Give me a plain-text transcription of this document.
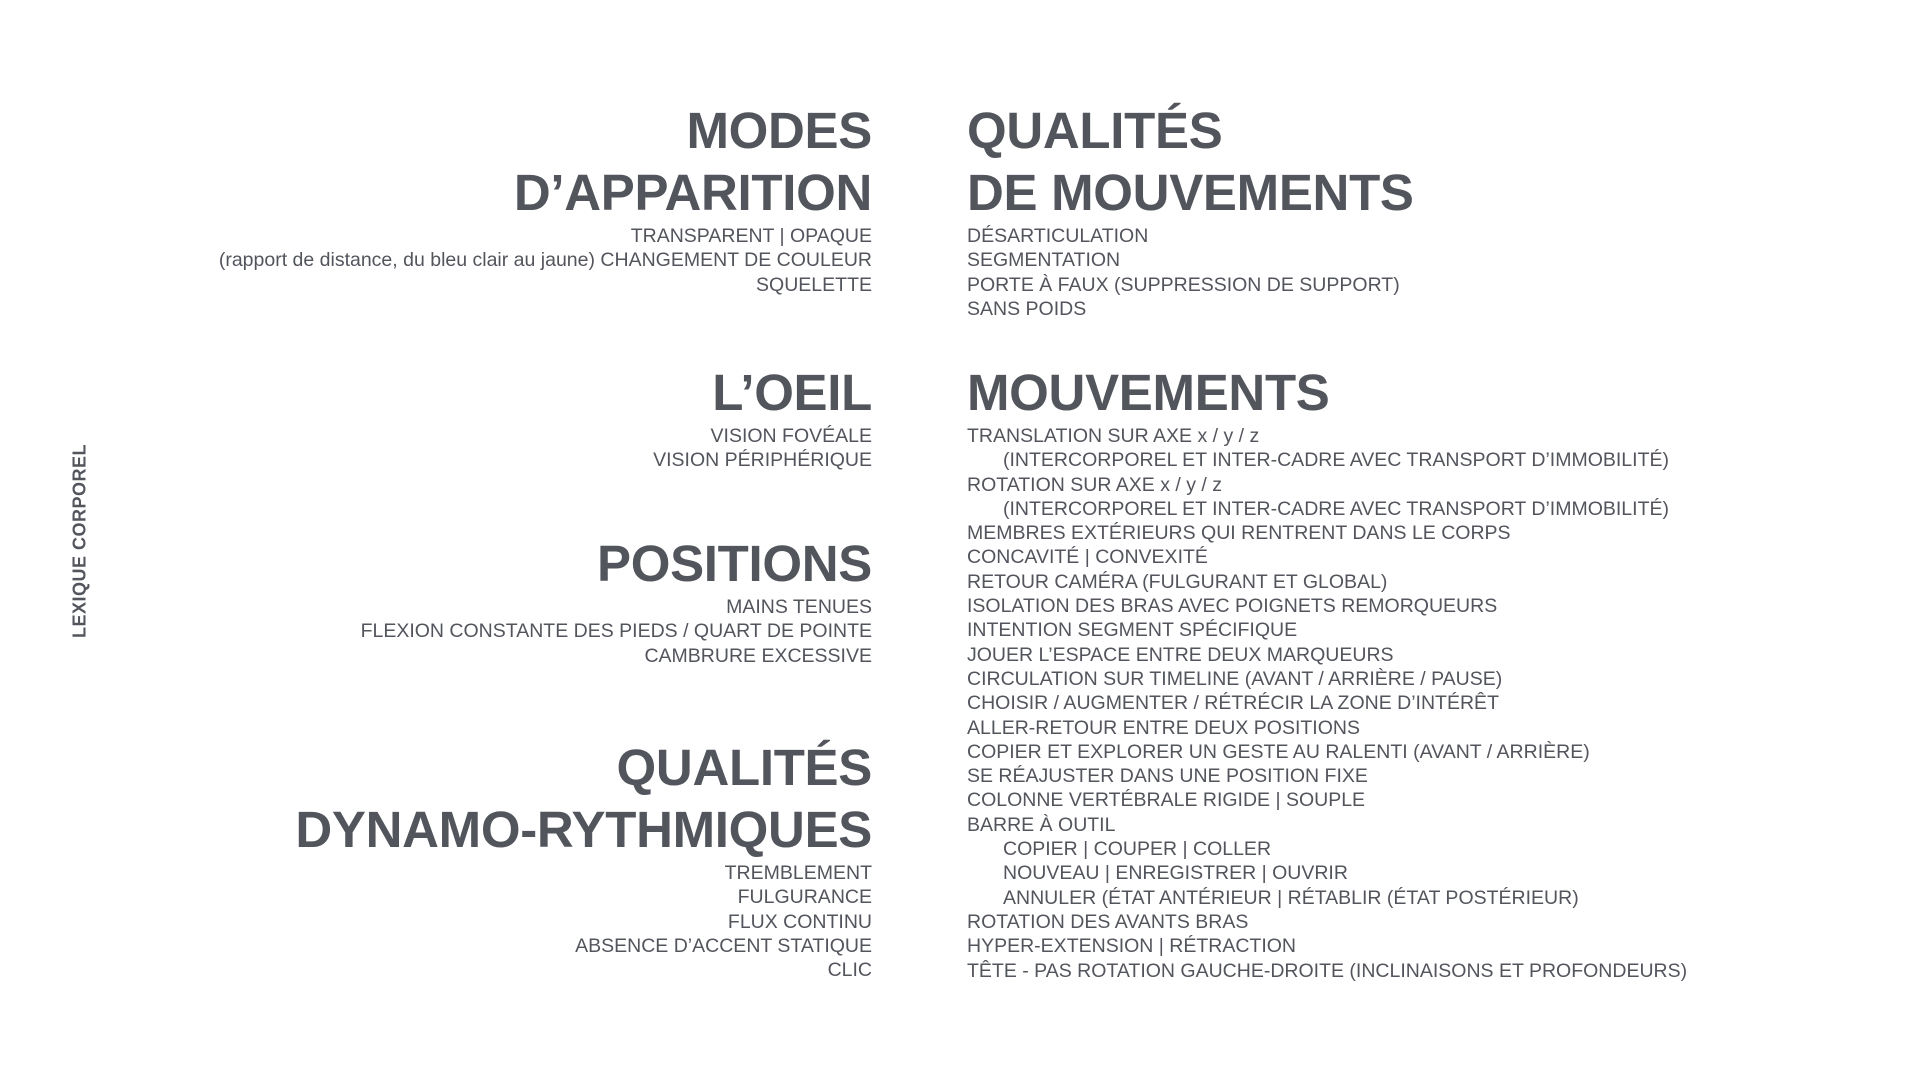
LEXIQUE CORPOREL
MODES
D’APPARITION
TRANSPARENT | OPAQUE
(rapport de distance, du bleu clair au jaune) CHANGEMENT DE COULEUR
SQUELETTE
L’OEIL
VISION FOVÉALE
VISION PÉRIPHÉRIQUE
POSITIONS
MAINS TENUES
FLEXION CONSTANTE DES PIEDS / QUART DE POINTE
CAMBRURE EXCESSIVE
QUALITÉS
DYNAMO-RYTHMIQUES
TREMBLEMENT
FULGURANCE
FLUX CONTINU
ABSENCE D’ACCENT STATIQUE
CLIC
QUALITÉS
DE MOUVEMENTS
DÉSARTICULATION
SEGMENTATION
PORTE À FAUX (SUPPRESSION DE SUPPORT)
SANS POIDS
MOUVEMENTS
TRANSLATION SUR AXE x / y / z
(INTERCORPOREL ET INTER-CADRE AVEC TRANSPORT D’IMMOBILITÉ)
ROTATION SUR AXE x / y / z
(INTERCORPOREL ET INTER-CADRE AVEC TRANSPORT D’IMMOBILITÉ)
MEMBRES EXTÉRIEURS QUI RENTRENT DANS LE CORPS
CONCAVITÉ | CONVEXITÉ
RETOUR CAMÉRA (FULGURANT ET GLOBAL)
ISOLATION DES BRAS AVEC POIGNETS REMORQUEURS
INTENTION SEGMENT SPÉCIFIQUE
JOUER L’ESPACE ENTRE DEUX MARQUEURS
CIRCULATION SUR TIMELINE (AVANT / ARRIÈRE / PAUSE)
CHOISIR / AUGMENTER / RÉTRÉCIR LA ZONE D’INTÉRÊT
ALLER-RETOUR ENTRE DEUX POSITIONS
COPIER ET EXPLORER UN GESTE AU RALENTI (AVANT / ARRIÈRE)
SE RÉAJUSTER DANS UNE POSITION FIXE
COLONNE VERTÉBRALE RIGIDE | SOUPLE
BARRE À OUTIL
COPIER | COUPER | COLLER
NOUVEAU | ENREGISTRER | OUVRIR
ANNULER (ÉTAT ANTÉRIEUR | RÉTABLIR (ÉTAT POSTÉRIEUR)
ROTATION DES AVANTS BRAS
HYPER-EXTENSION | RÉTRACTION
TÊTE - PAS ROTATION GAUCHE-DROITE (INCLINAISONS ET PROFONDEURS)
